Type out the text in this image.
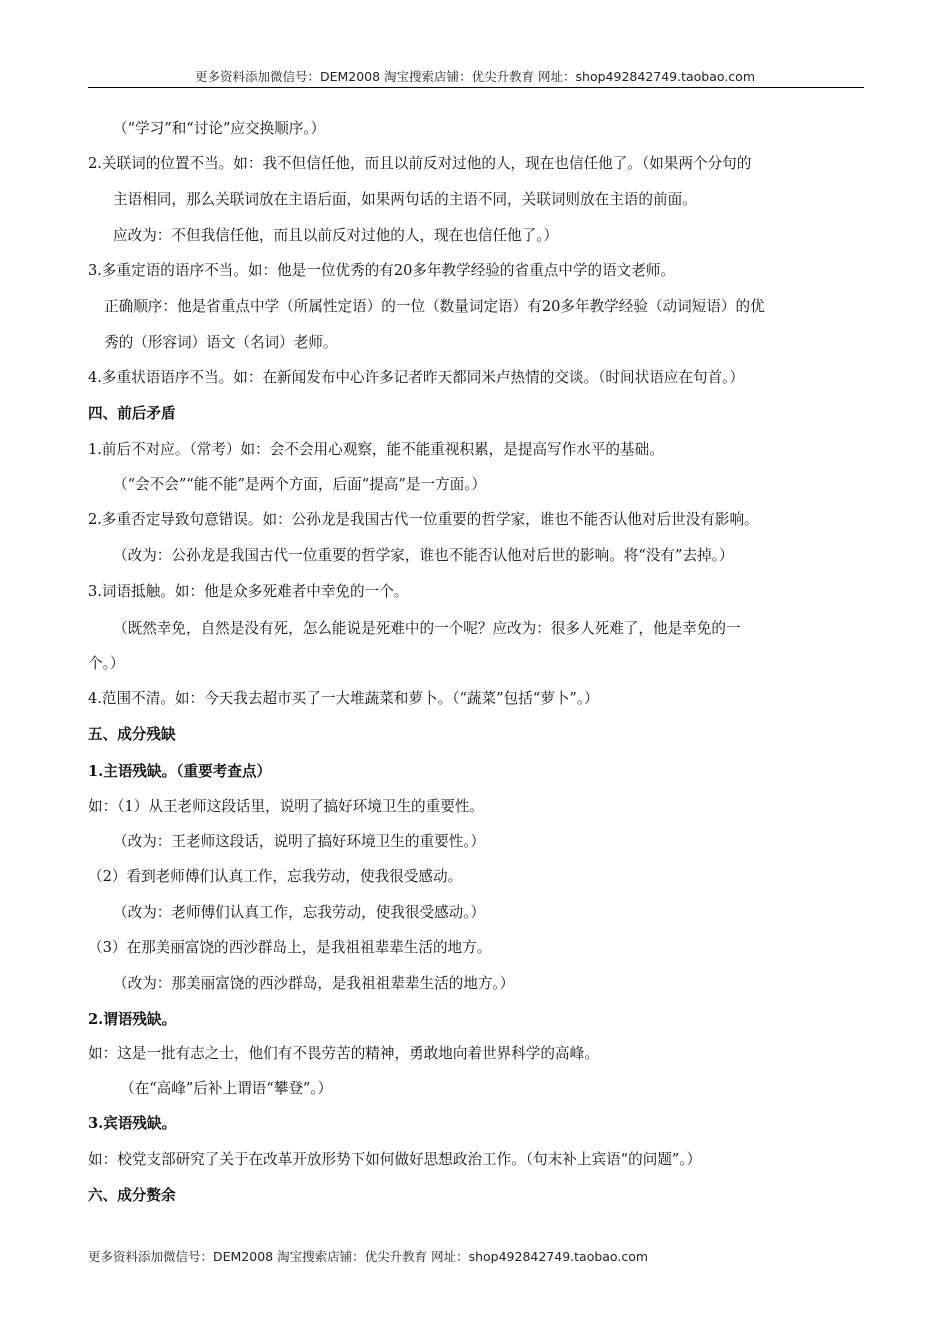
更多资料添加微信号：DEM2008 淘宝搜索店铺：优尖升教育 网址：shop492842749.taobao.com
（“学习”和“讨论”应交换顺序。）
2.关联词的位置不当。如：我不但信任他，而且以前反对过他的人，现在也信任他了。（如果两个分句的
主语相同，那么关联词放在主语后面，如果两句话的主语不同，关联词则放在主语的前面。
应改为：不但我信任他，而且以前反对过他的人，现在也信任他了。）
3.多重定语的语序不当。如：他是一位优秀的有20多年教学经验的省重点中学的语文老师。
正确顺序：他是省重点中学（所属性定语）的一位（数量词定语）有20多年教学经验（动词短语）的优
秀的（形容词）语文（名词）老师。
4.多重状语语序不当。如：在新闻发布中心许多记者昨天都同米卢热情的交谈。（时间状语应在句首。）
四、前后矛盾
1.前后不对应。（常考）如：会不会用心观察，能不能重视积累，是提高写作水平的基础。
（“会不会”“能不能”是两个方面，后面“提高”是一方面。）
2.多重否定导致句意错误。如：公孙龙是我国古代一位重要的哲学家，谁也不能否认他对后世没有影响。
（改为：公孙龙是我国古代一位重要的哲学家，谁也不能否认他对后世的影响。将“没有”去掉。）
3.词语抵触。如：他是众多死难者中幸免的一个。
（既然幸免，自然是没有死，怎么能说是死难中的一个呢？应改为：很多人死难了，他是幸免的一
个。）
4.范围不清。如：今天我去超市买了一大堆蔬菜和萝卜。（“蔬菜”包括“萝卜”。）
五、成分残缺
1.主语残缺。（重要考查点）
如：（1）从王老师这段话里，说明了搞好环境卫生的重要性。
（改为：王老师这段话，说明了搞好环境卫生的重要性。）
（2）看到老师傅们认真工作，忘我劳动，使我很受感动。
（改为：老师傅们认真工作，忘我劳动，使我很受感动。）
（3）在那美丽富饶的西沙群岛上，是我祖祖辈辈生活的地方。
（改为：那美丽富饶的西沙群岛，是我祖祖辈辈生活的地方。）
2.谓语残缺。
如：这是一批有志之士，他们有不畏劳苦的精神，勇敢地向着世界科学的高峰。
（在“高峰”后补上谓语“攀登”。）
3.宾语残缺。
如：校党支部研究了关于在改革开放形势下如何做好思想政治工作。（句末补上宾语“的问题”。）
六、成分赘余
更多资料添加微信号：DEM2008 淘宝搜索店铺：优尖升教育 网址：shop492842749.taobao.com
